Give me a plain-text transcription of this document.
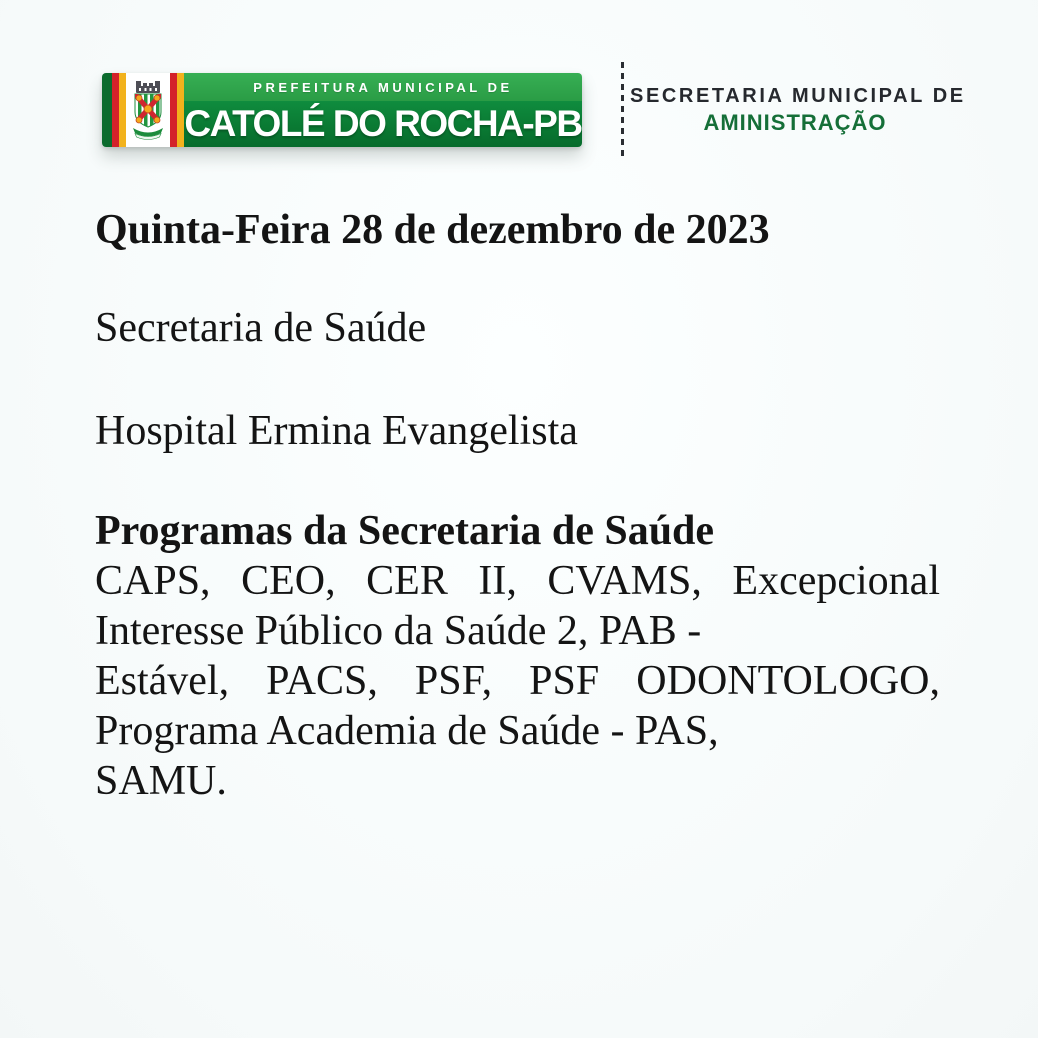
PREFEITURA MUNICIPAL DE
CATOLÉ DO ROCHA-PB
SECRETARIA MUNICIPAL DE
AMINISTRAÇÃO
Quinta-Feira 28 de dezembro de 2023
Secretaria de Saúde
Hospital Ermina Evangelista
Programas da Secretaria de Saúde
CAPS, CEO, CER II, CVAMS, Excepcional
Interesse Público da Saúde 2, PAB -
Estável, PACS, PSF, PSF ODONTOLOGO,
Programa Academia de Saúde - PAS,
SAMU.
